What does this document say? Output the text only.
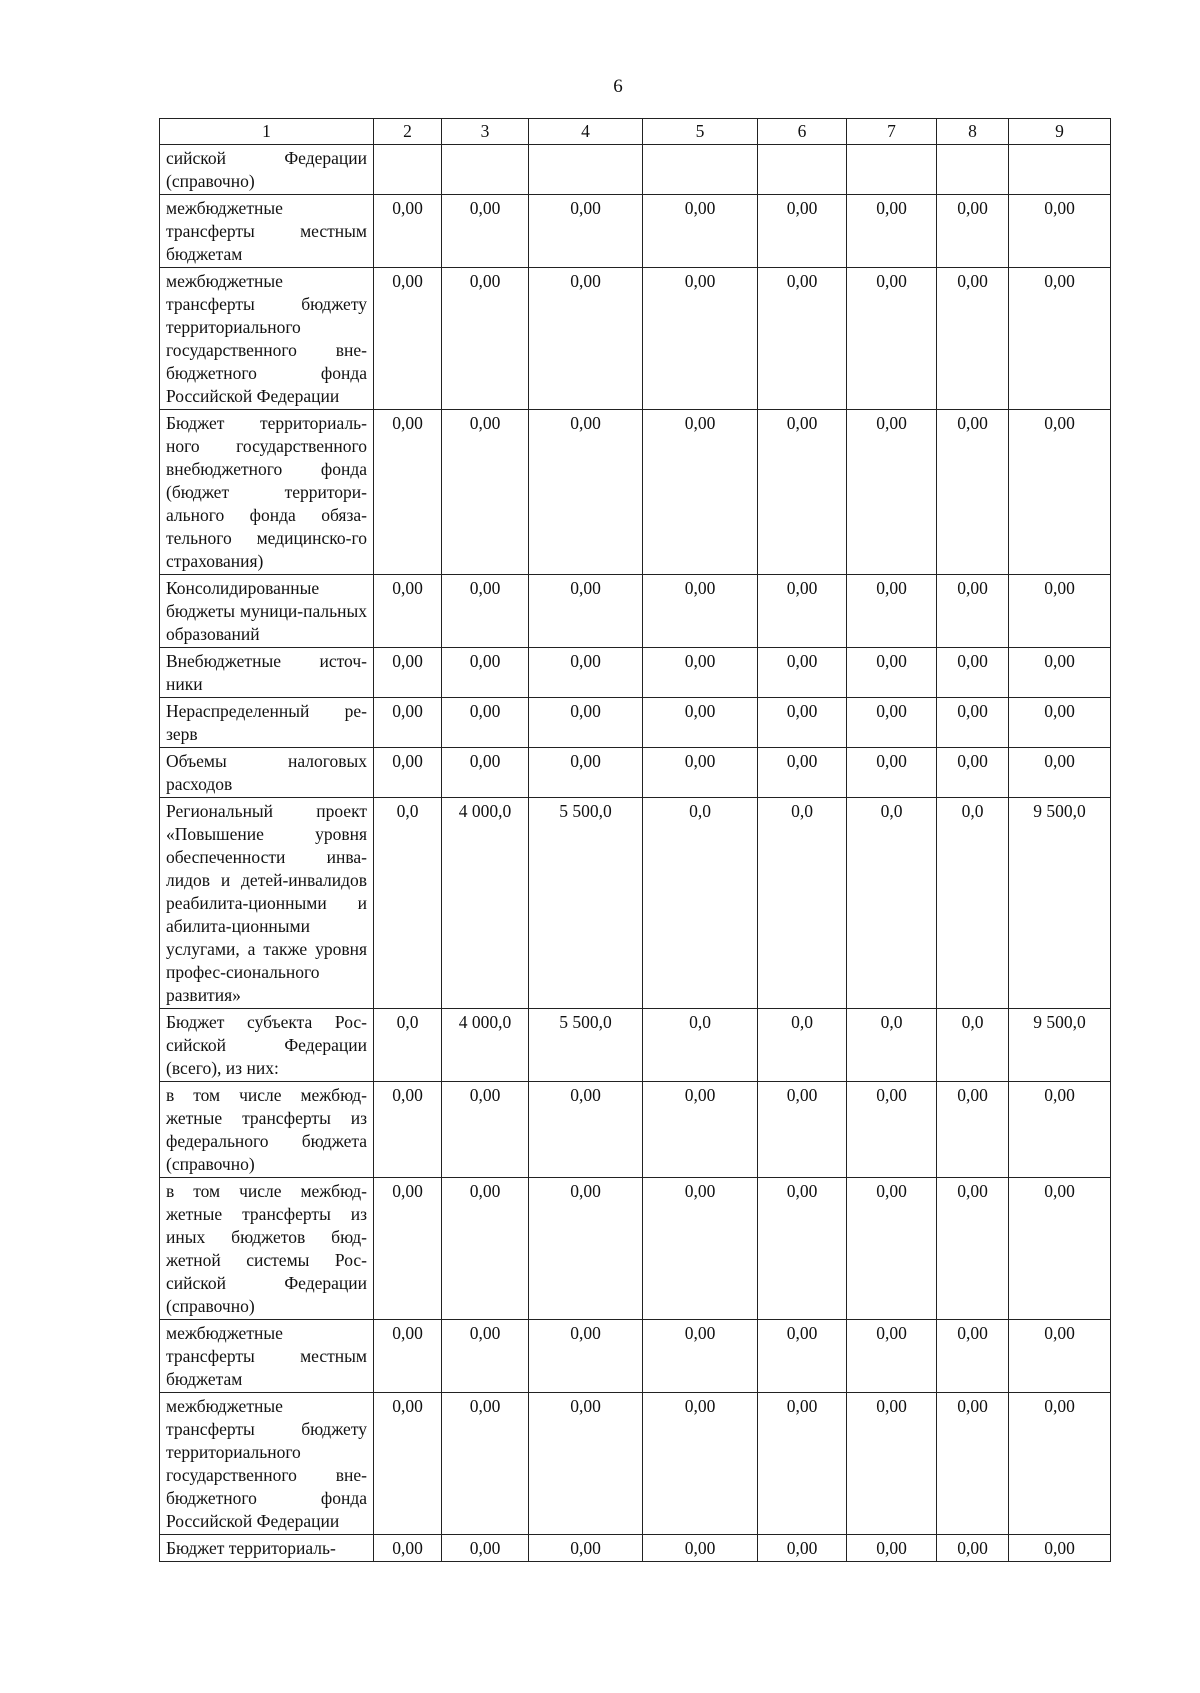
6
1	2	3	4	5	6	7	8	9
сийской Федерации (справочно)								
межбюджетные трансферты местным бюджетам	0,00	0,00	0,00	0,00	0,00	0,00	0,00	0,00
межбюджетные трансферты бюджету территориального государственного вне-бюджетного фонда Российской Федерации	0,00	0,00	0,00	0,00	0,00	0,00	0,00	0,00
Бюджет территориаль-ного государственного внебюджетного фонда (бюджет территори-ального фонда обяза-тельного медицинско-го страхования)	0,00	0,00	0,00	0,00	0,00	0,00	0,00	0,00
Консолидированные бюджеты муници-пальных образований	0,00	0,00	0,00	0,00	0,00	0,00	0,00	0,00
Внебюджетные источ-ники	0,00	0,00	0,00	0,00	0,00	0,00	0,00	0,00
Нераспределенный ре-зерв	0,00	0,00	0,00	0,00	0,00	0,00	0,00	0,00
Объемы налоговых расходов	0,00	0,00	0,00	0,00	0,00	0,00	0,00	0,00
Региональный проект «Повышение уровня обеспеченности инва-лидов и детей-инвалидов реабилита-ционными и абилита-ционными услугами, а также уровня профес-сионального развития»	0,0	4 000,0	5 500,0	0,0	0,0	0,0	0,0	9 500,0
Бюджет субъекта Рос-сийской Федерации (всего), из них:	0,0	4 000,0	5 500,0	0,0	0,0	0,0	0,0	9 500,0
в том числе межбюд-жетные трансферты из федерального бюджета (справочно)	0,00	0,00	0,00	0,00	0,00	0,00	0,00	0,00
в том числе межбюд-жетные трансферты из иных бюджетов бюд-жетной системы Рос-сийской Федерации (справочно)	0,00	0,00	0,00	0,00	0,00	0,00	0,00	0,00
межбюджетные трансферты местным бюджетам	0,00	0,00	0,00	0,00	0,00	0,00	0,00	0,00
межбюджетные трансферты бюджету территориального государственного вне-бюджетного фонда Российской Федерации	0,00	0,00	0,00	0,00	0,00	0,00	0,00	0,00
Бюджет территориаль-	0,00	0,00	0,00	0,00	0,00	0,00	0,00	0,00
